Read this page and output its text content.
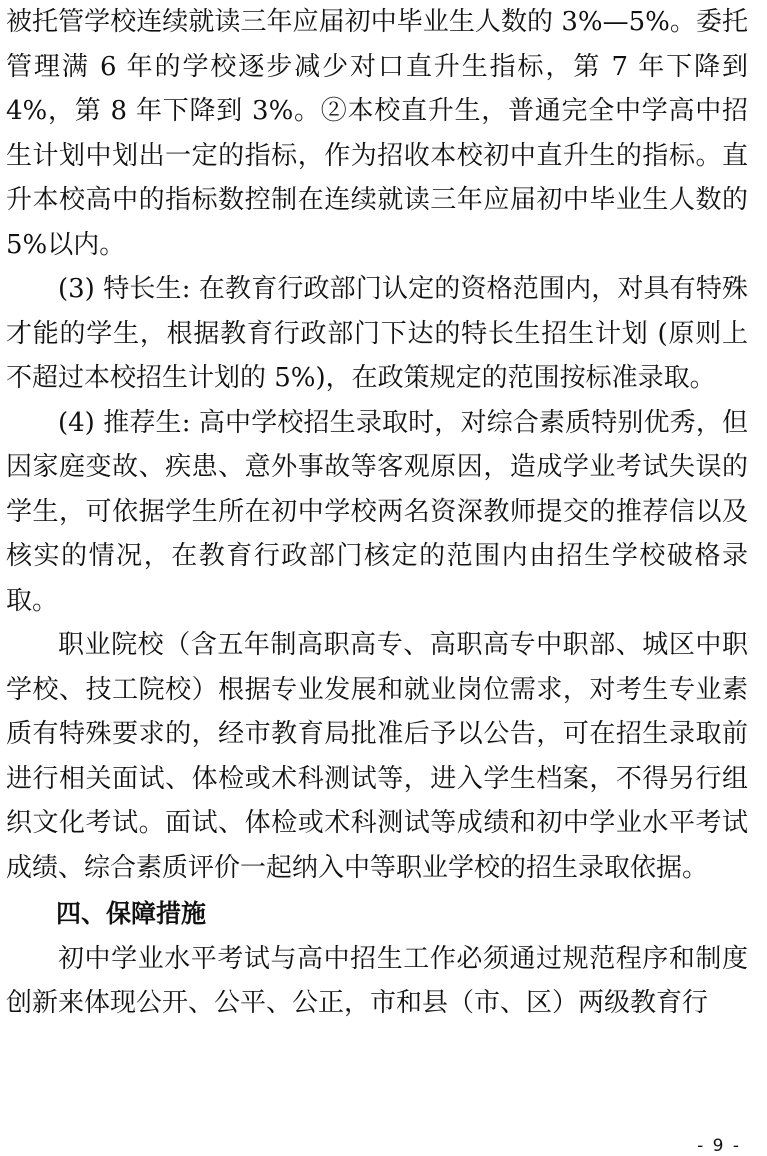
被托管学校连续就读三年应届初中毕业生人数的 3%—5%。委托管理满 6 年的学校逐步减少对口直升生指标，第 7 年下降到 4%，第 8 年下降到 3%。②本校直升生，普通完全中学高中招生计划中划出一定的指标，作为招收本校初中直升生的指标。直升本校高中的指标数控制在连续就读三年应届初中毕业生人数的 5%以内。

(3) 特长生: 在教育行政部门认定的资格范围内，对具有特殊才能的学生，根据教育行政部门下达的特长生招生计划 (原则上不超过本校招生计划的 5%)，在政策规定的范围按标准录取。

(4) 推荐生: 高中学校招生录取时，对综合素质特别优秀，但因家庭变故、疾患、意外事故等客观原因，造成学业考试失误的学生，可依据学生所在初中学校两名资深教师提交的推荐信以及核实的情况，在教育行政部门核定的范围内由招生学校破格录取。

职业院校（含五年制高职高专、高职高专中职部、城区中职学校、技工院校）根据专业发展和就业岗位需求，对考生专业素质有特殊要求的，经市教育局批准后予以公告，可在招生录取前进行相关面试、体检或术科测试等，进入学生档案，不得另行组织文化考试。面试、体检或术科测试等成绩和初中学业水平考试成绩、综合素质评价一起纳入中等职业学校的招生录取依据。

四、保障措施

初中学业水平考试与高中招生工作必须通过规范程序和制度创新来体现公开、公平、公正，市和县（市、区）两级教育行

- 9 -
